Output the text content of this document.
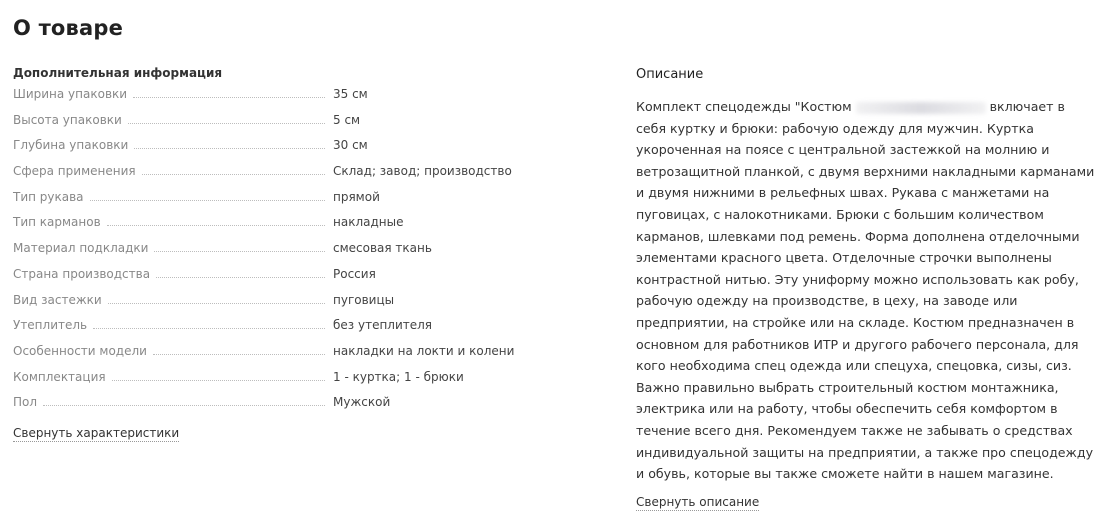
О товаре
Дополнительная информация
Ширина упаковки	35 см
Высота упаковки	5 см
Глубина упаковки	30 см
Сфера применения	Склад; завод; производство
Тип рукава	прямой
Тип карманов	накладные
Материал подкладки	смесовая ткань
Страна производства	Россия
Вид застежки	пуговицы
Утеплитель	без утеплителя
Особенности модели	накладки на локти и колени
Комплектация	1 - куртка; 1 - брюки
Пол	Мужской
Свернуть характеристики
Описание
Комплект спецодежды "Костюм	включает в себя куртку и брюки: рабочую одежду для мужчин. Куртка укороченная на поясе с центральной застежкой на молнию и ветрозащитной планкой, с двумя верхними накладными карманами и двумя нижними в рельефных швах. Рукава с манжетами на пуговицах, с налокотниками. Брюки с большим количеством карманов, шлевками под ремень. Форма дополнена отделочными элементами красного цвета. Отделочные строчки выполнены контрастной нитью. Эту униформу можно использовать как робу, рабочую одежду на производстве, в цеху, на заводе или предприятии, на стройке или на складе. Костюм предназначен в основном для работников ИТР и другого рабочего персонала, для кого необходима спец одежда или спецуха, спецовка, сизы, сиз. Важно правильно выбрать строительный костюм монтажника, электрика или на работу, чтобы обеспечить себя комфортом в течение всего дня. Рекомендуем также не забывать о средствах индивидуальной защиты на предприятии, а также про спецодежду и обувь, которые вы также сможете найти в нашем магазине.
Свернуть описание
